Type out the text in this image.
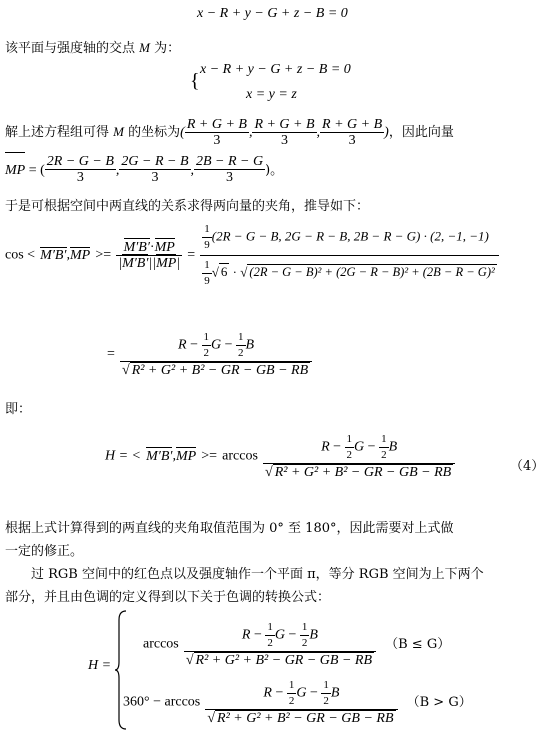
x − R + y − G + z − B = 0
该平面与强度轴的交点 M 为：
{
x − R + y − G + z − B = 0
x = y = z
解上述方程组可得 M 的坐标为( $\frac{R + G + B}{3}$ , $\frac{R + G + B}{3}$ , $\frac{R + G + B}{3}$ )，因此向量
MP = ( $\frac{2R - G - B}{3}$ , $\frac{2G - R - B}{3}$ , $\frac{2B - R - G}{3}$ )。
于是可根据空间中两直线的关系求得两向量的夹角，推导如下：
$\cos < M'B',MP >= \frac{M'B'\cdot MP}{|M'B'||MP|} = \frac{\frac{1}{9} (2R - G - B, 2G - R - B, 2B - R - G) \cdot (2, -1, -1)}{\frac{1}{9} √ 6 \cdot √ (2R - G - B)^2 + (2G - R - B)^2 + (2B - R - G)^2}$
= $\frac{R - \frac{1}{2} G - \frac{1}{2} B}{\text{√ R² + G² + B² − GR − GB − RB}}$
即：
H = < $M'B',MP >= \arccos \frac{R - \frac{1}{2} G - \frac{1}{2} B}{\text{√ R² + G² + B² − GR − GB − RB}}$	（4）
根据上式计算得到的两直线的夹角取值范围为 0° 至 180°，因此需要对上式做
一定的修正。
过 RGB 空间中的红色点以及强度轴作一个平面 π，等分 RGB 空间为上下两个
部分，并且由色调的定义得到以下关于色调的转换公式：
H =
$\arccos \frac{R - \frac{1}{2} G - \frac{1}{2} B}{\text{√ R² + G² + B² − GR − GB − RB}} (B \le G)$
$360^\circ - \arccos \frac{R - \frac{1}{2} G - \frac{1}{2} B}{\text{√ R² + G² + B² − GR − GB − RB}} (B > G)$
